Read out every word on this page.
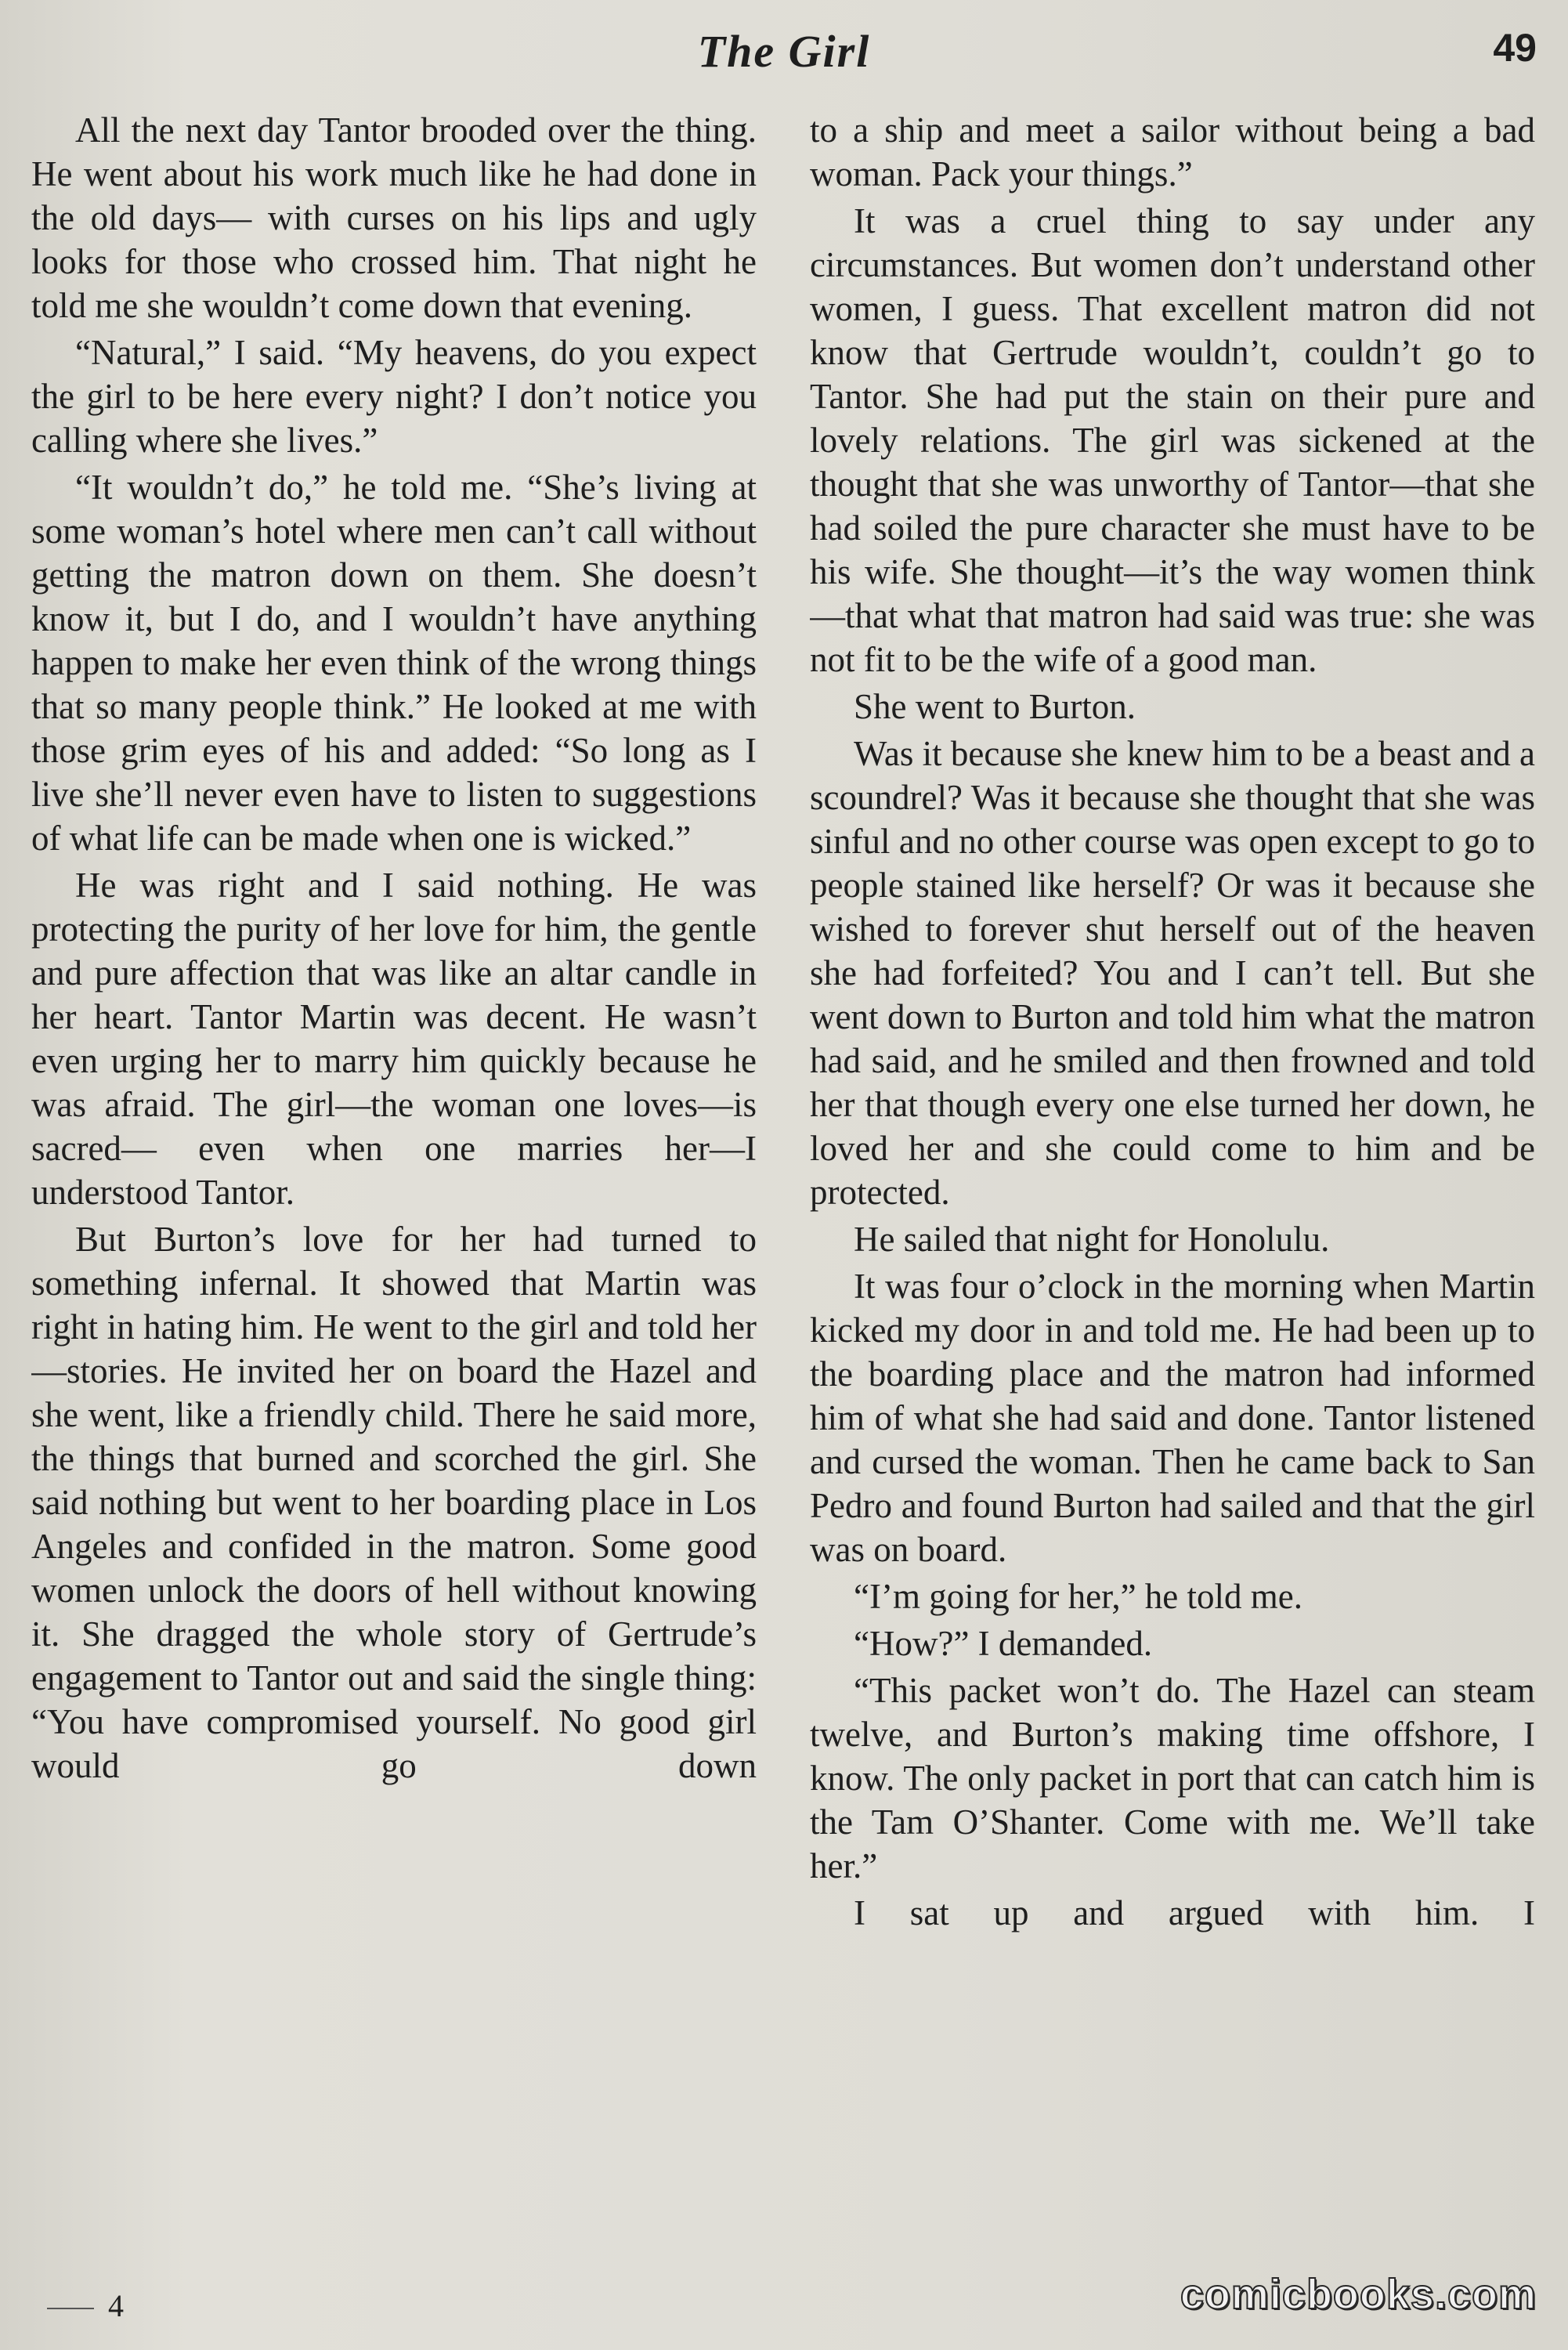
The Girl	49

All the next day Tantor brooded over the thing. He went about his work much like he had done in the old days— with curses on his lips and ugly looks for those who crossed him. That night he told me she wouldn’t come down that evening.

“Natural,” I said. “My heavens, do you expect the girl to be here every night? I don’t notice you calling where she lives.”

“It wouldn’t do,” he told me. “She’s living at some woman’s hotel where men can’t call without getting the matron down on them. She doesn’t know it, but I do, and I wouldn’t have anything happen to make her even think of the wrong things that so many people think.” He looked at me with those grim eyes of his and added: “So long as I live she’ll never even have to listen to suggestions of what life can be made when one is wicked.”

He was right and I said nothing. He was protecting the purity of her love for him, the gentle and pure affection that was like an altar candle in her heart. Tantor Martin was decent. He wasn’t even urging her to marry him quickly because he was afraid. The girl—the woman one loves—is sacred— even when one marries her—I understood Tantor.

But Burton’s love for her had turned to something infernal. It showed that Martin was right in hating him. He went to the girl and told her—stories. He invited her on board the Hazel and she went, like a friendly child. There he said more, the things that burned and scorched the girl. She said nothing but went to her boarding place in Los Angeles and confided in the matron. Some good women unlock the doors of hell without knowing it. She dragged the whole story of Gertrude’s engagement to Tantor out and said the single thing: “You have compromised yourself. No good girl would go down

to a ship and meet a sailor without being a bad woman. Pack your things.”

It was a cruel thing to say under any circumstances. But women don’t understand other women, I guess. That excellent matron did not know that Gertrude wouldn’t, couldn’t go to Tantor. She had put the stain on their pure and lovely relations. The girl was sickened at the thought that she was unworthy of Tantor—that she had soiled the pure character she must have to be his wife. She thought—it’s the way women think—that what that matron had said was true: she was not fit to be the wife of a good man.

She went to Burton.

Was it because she knew him to be a beast and a scoundrel? Was it because she thought that she was sinful and no other course was open except to go to people stained like herself? Or was it because she wished to forever shut herself out of the heaven she had forfeited? You and I can’t tell. But she went down to Burton and told him what the matron had said, and he smiled and then frowned and told her that though every one else turned her down, he loved her and she could come to him and be protected.

He sailed that night for Honolulu.

It was four o’clock in the morning when Martin kicked my door in and told me. He had been up to the boarding place and the matron had informed him of what she had said and done. Tantor listened and cursed the woman. Then he came back to San Pedro and found Burton had sailed and that the girl was on board.

“I’m going for her,” he told me.

“How?” I demanded.

“This packet won’t do. The Hazel can steam twelve, and Burton’s making time offshore, I know. The only packet in port that can catch him is the Tam O’Shanter. Come with me. We’ll take her.”

I sat up and argued with him. I

4	comicbooks.com
